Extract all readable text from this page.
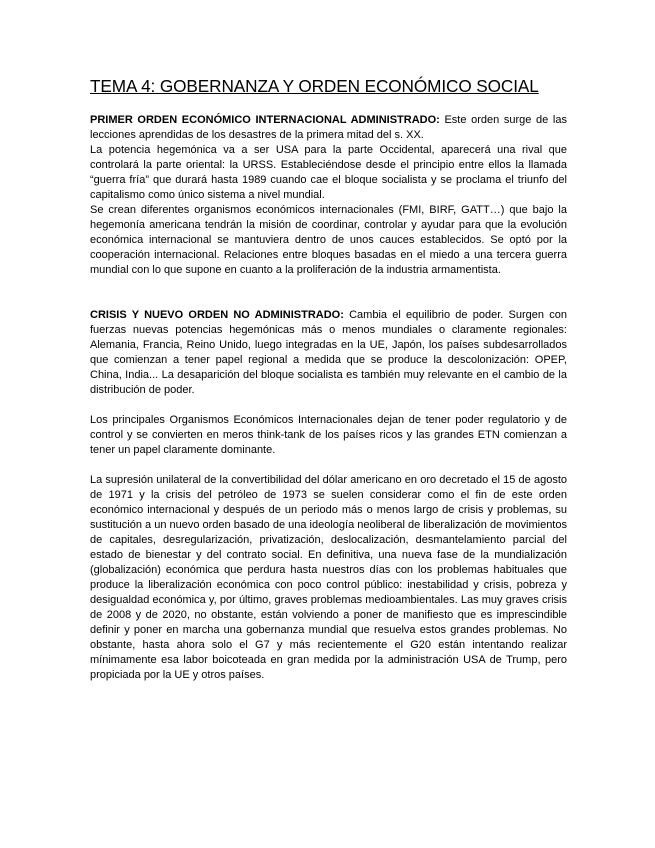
TEMA 4: GOBERNANZA Y ORDEN ECONÓMICO SOCIAL

PRIMER ORDEN ECONÓMICO INTERNACIONAL ADMINISTRADO: Este orden surge de las lecciones aprendidas de los desastres de la primera mitad del s. XX.

La potencia hegemónica va a ser USA para la parte Occidental, aparecerá una rival que controlará la parte oriental: la URSS. Estableciéndose desde el principio entre ellos la llamada “guerra fría” que durará hasta 1989 cuando cae el bloque socialista y se proclama el triunfo del capitalismo como único sistema a nivel mundial.

Se crean diferentes organismos económicos internacionales (FMI, BIRF, GATT…) que bajo la hegemonía americana tendrán la misión de coordinar, controlar y ayudar para que la evolución económica internacional se mantuviera dentro de unos cauces establecidos. Se optó por la cooperación internacional. Relaciones entre bloques basadas en el miedo a una tercera guerra mundial con lo que supone en cuanto a la proliferación de la industria armamentista.

CRISIS Y NUEVO ORDEN NO ADMINISTRADO: Cambia el equilibrio de poder. Surgen con fuerzas nuevas potencias hegemónicas más o menos mundiales o claramente regionales: Alemania, Francia, Reino Unido, luego integradas en la UE, Japón, los países subdesarrollados que comienzan a tener papel regional a medida que se produce la descolonización: OPEP, China, India... La desaparición del bloque socialista es también muy relevante en el cambio de la distribución de poder.

Los principales Organismos Económicos Internacionales dejan de tener poder regulatorio y de control y se convierten en meros think-tank de los países ricos y las grandes ETN comienzan a tener un papel claramente dominante.

La supresión unilateral de la convertibilidad del dólar americano en oro decretado el 15 de agosto de 1971 y la crisis del petróleo de 1973 se suelen considerar como el fin de este orden económico internacional y después de un periodo más o menos largo de crisis y problemas, su sustitución a un nuevo orden basado de una ideología neoliberal de liberalización de movimientos de capitales, desregularización, privatización, deslocalización, desmantelamiento parcial del estado de bienestar y del contrato social. En definitiva, una nueva fase de la mundialización (globalización) económica que perdura hasta nuestros días con los problemas habituales que produce la liberalización económica con poco control público: inestabilidad y crisis, pobreza y desigualdad económica y, por último, graves problemas medioambientales. Las muy graves crisis de 2008 y de 2020, no obstante, están volviendo a poner de manifiesto que es imprescindible definir y poner en marcha una gobernanza mundial que resuelva estos grandes problemas. No obstante, hasta ahora solo el G7 y más recientemente el G20 están intentando realizar mínimamente esa labor boicoteada en gran medida por la administración USA de Trump, pero propiciada por la UE y otros países.
